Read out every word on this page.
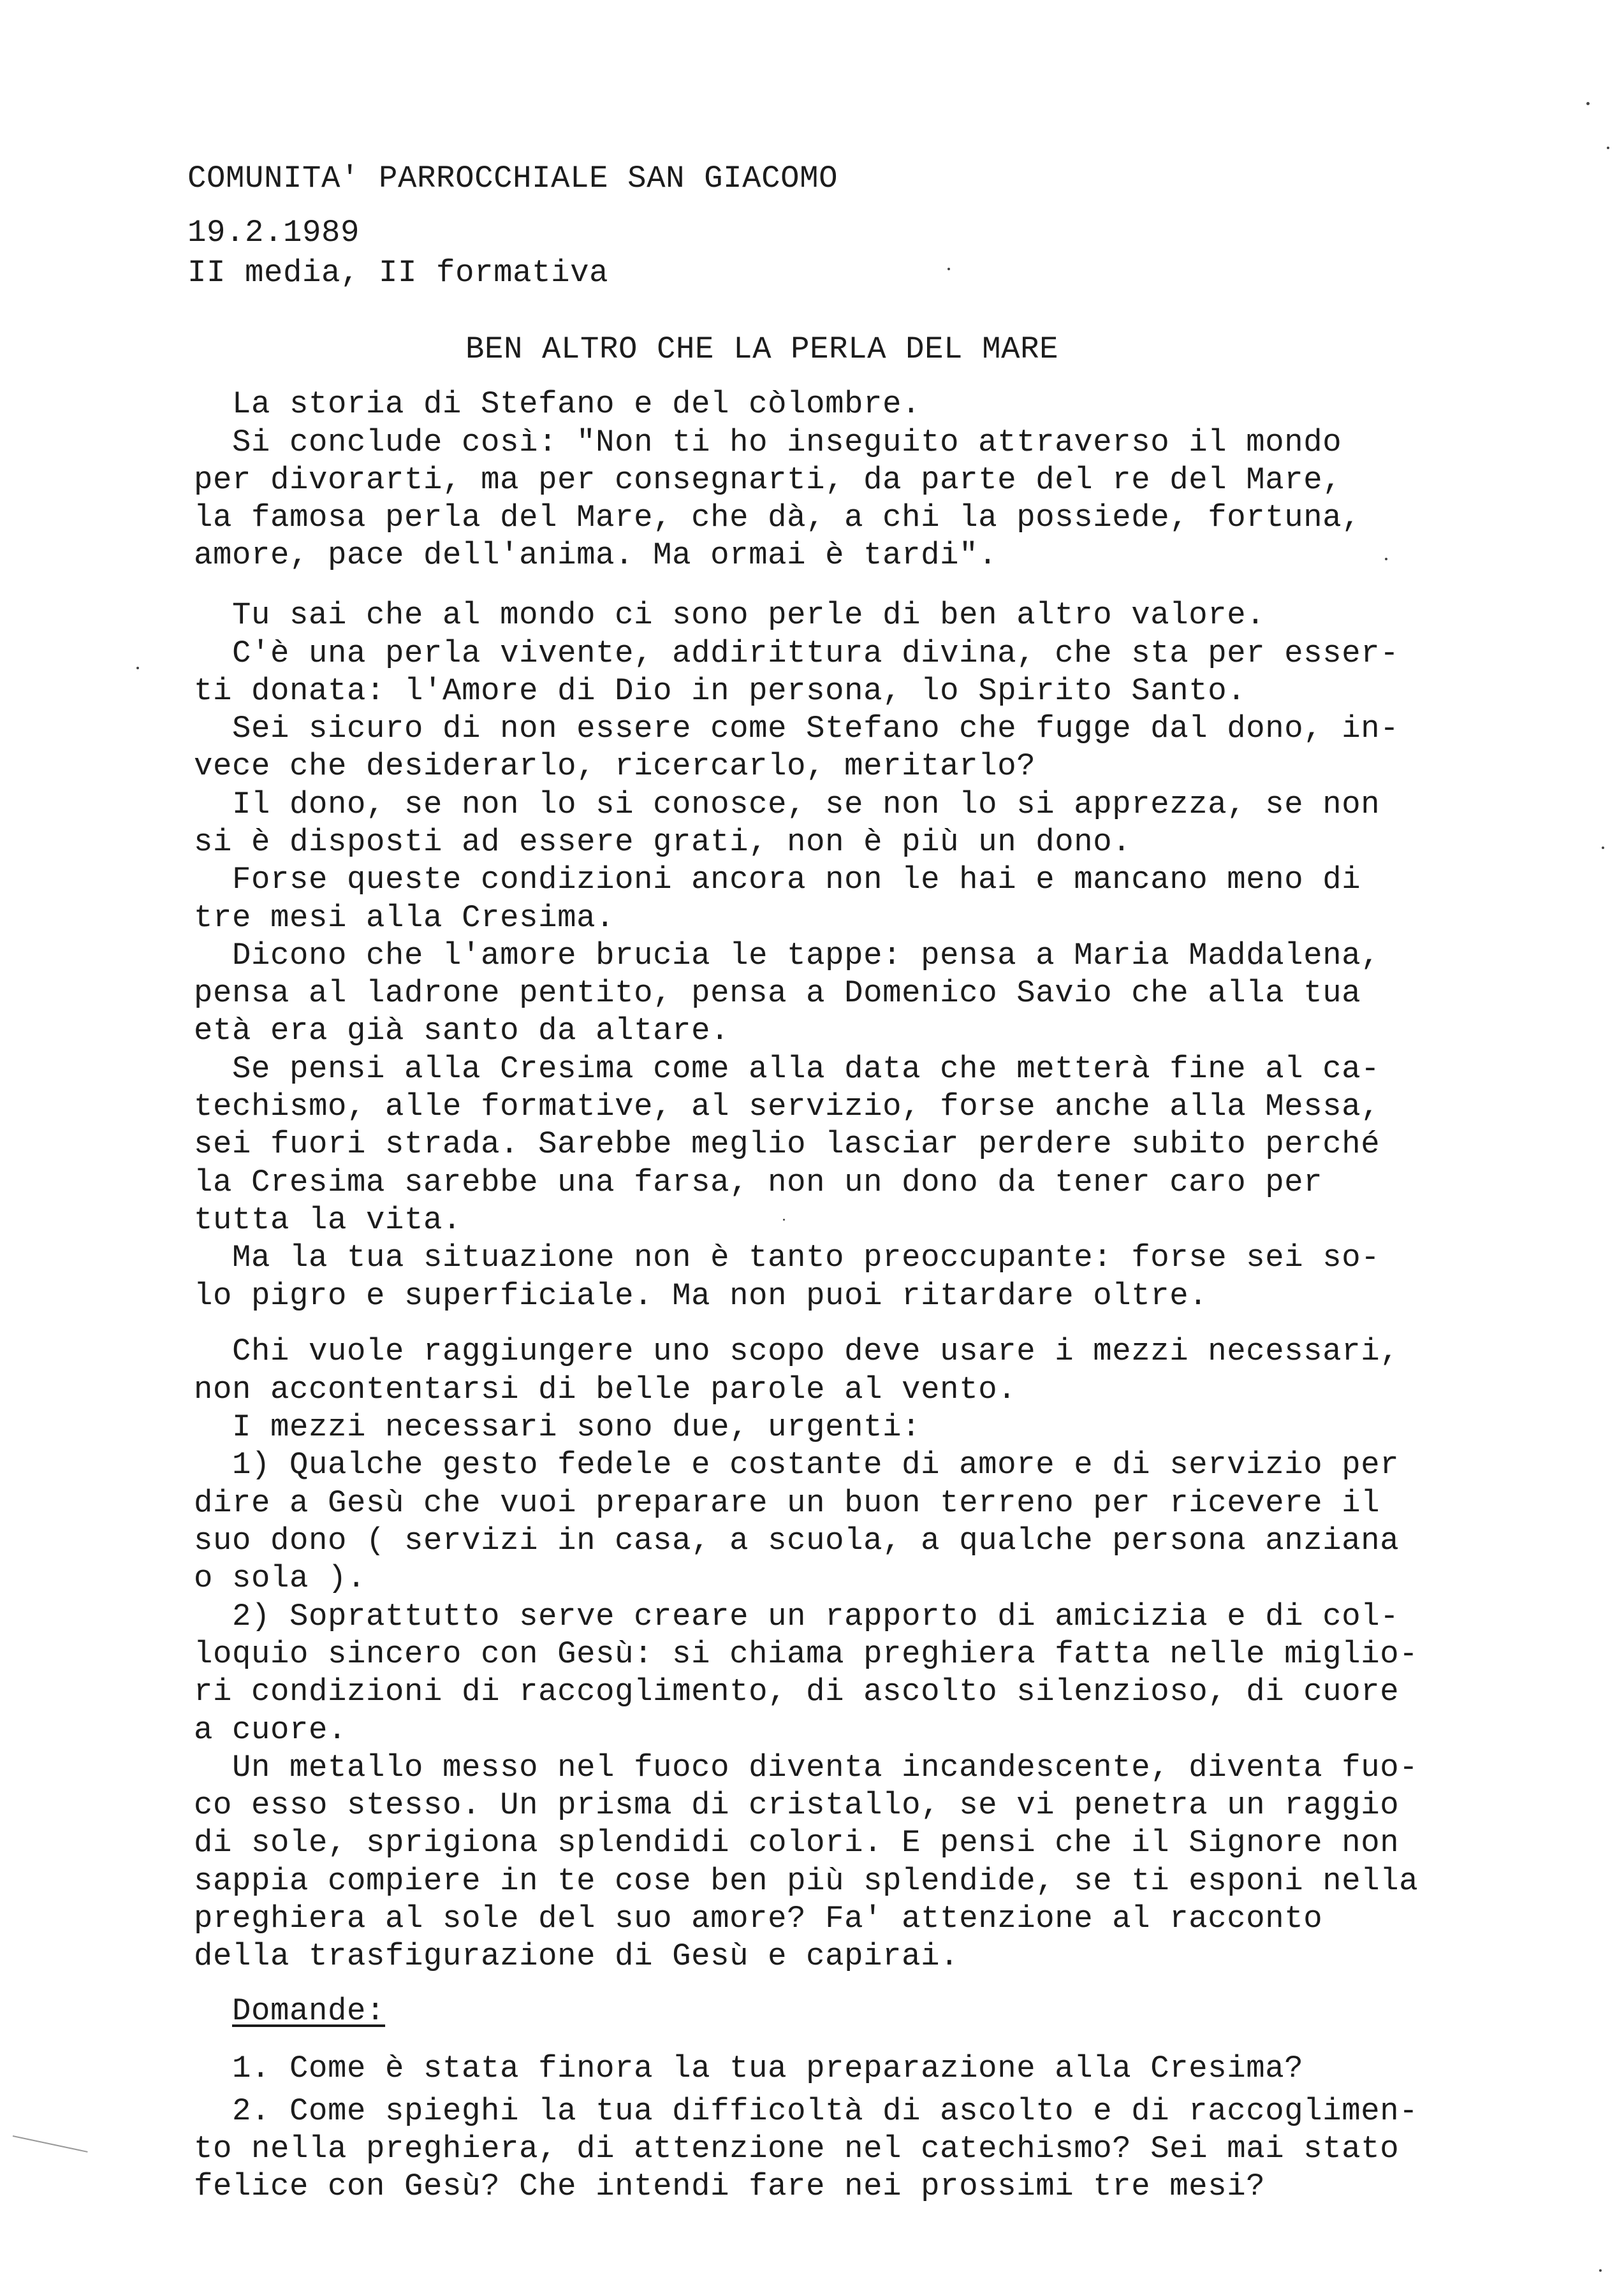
COMUNITA' PARROCCHIALE SAN GIACOMO
19.2.1989
II media, II formativa
BEN ALTRO CHE LA PERLA DEL MARE
La storia di Stefano e del còlombre.
Si conclude così: "Non ti ho inseguito attraverso il mondo
per divorarti, ma per consegnarti, da parte del re del Mare,
la famosa perla del Mare, che dà, a chi la possiede, fortuna,
amore, pace dell'anima. Ma ormai è tardi".
Tu sai che al mondo ci sono perle di ben altro valore.
C'è una perla vivente, addirittura divina, che sta per esser-
ti donata: l'Amore di Dio in persona, lo Spirito Santo.
Sei sicuro di non essere come Stefano che fugge dal dono, in-
vece che desiderarlo, ricercarlo, meritarlo?
Il dono, se non lo si conosce, se non lo si apprezza, se non
si è disposti ad essere grati, non è più un dono.
Forse queste condizioni ancora non le hai e mancano meno di
tre mesi alla Cresima.
Dicono che l'amore brucia le tappe: pensa a Maria Maddalena,
pensa al ladrone pentito, pensa a Domenico Savio che alla tua
età era già santo da altare.
Se pensi alla Cresima come alla data che metterà fine al ca-
techismo, alle formative, al servizio, forse anche alla Messa,
sei fuori strada. Sarebbe meglio lasciar perdere subito perché
la Cresima sarebbe una farsa, non un dono da tener caro per
tutta la vita.
Ma la tua situazione non è tanto preoccupante: forse sei so-
lo pigro e superficiale. Ma non puoi ritardare oltre.
Chi vuole raggiungere uno scopo deve usare i mezzi necessari,
non accontentarsi di belle parole al vento.
I mezzi necessari sono due, urgenti:
1) Qualche gesto fedele e costante di amore e di servizio per
dire a Gesù che vuoi preparare un buon terreno per ricevere il
suo dono ( servizi in casa, a scuola, a qualche persona anziana
o sola ).
2) Soprattutto serve creare un rapporto di amicizia e di col-
loquio sincero con Gesù: si chiama preghiera fatta nelle miglio-
ri condizioni di raccoglimento, di ascolto silenzioso, di cuore
a cuore.
Un metallo messo nel fuoco diventa incandescente, diventa fuo-
co esso stesso. Un prisma di cristallo, se vi penetra un raggio
di sole, sprigiona splendidi colori. E pensi che il Signore non
sappia compiere in te cose ben più splendide, se ti esponi nella
preghiera al sole del suo amore? Fa' attenzione al racconto
della trasfigurazione di Gesù e capirai.
Domande:
1. Come è stata finora la tua preparazione alla Cresima?
2. Come spieghi la tua difficoltà di ascolto e di raccoglimen-
to nella preghiera, di attenzione nel catechismo? Sei mai stato
felice con Gesù? Che intendi fare nei prossimi tre mesi?
